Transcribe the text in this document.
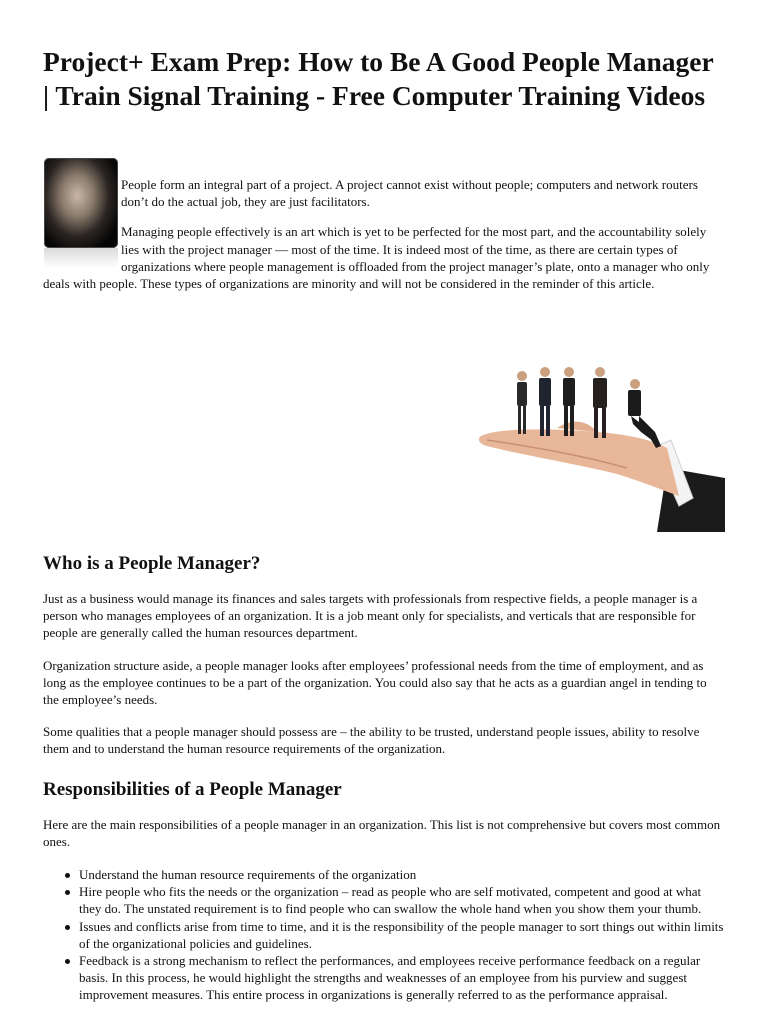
Project+ Exam Prep: How to Be A Good People Manager | Train Signal Training - Free Computer Training Videos

People form an integral part of a project. A project cannot exist without people; computers and network routers don’t do the actual job, they are just facilitators.

Managing people effectively is an art which is yet to be perfected for the most part, and the accountability solely lies with the project manager — most of the time. It is indeed most of the time, as there are certain types of organizations where people management is offloaded from the project manager’s plate, onto a manager who only deals with people. These types of organizations are minority and will not be considered in the reminder of this article.

Who is a People Manager?

Just as a business would manage its finances and sales targets with professionals from respective fields, a people manager is a person who manages employees of an organization. It is a job meant only for specialists, and verticals that are responsible for people are generally called the human resources department.

Organization structure aside, a people manager looks after employees’ professional needs from the time of employment, and as long as the employee continues to be a part of the organization. You could also say that he acts as a guardian angel in tending to the employee’s needs.

Some qualities that a people manager should possess are – the ability to be trusted, understand people issues, ability to resolve them and to understand the human resource requirements of the organization.

Responsibilities of a People Manager

Here are the main responsibilities of a people manager in an organization. This list is not comprehensive but covers most common ones.

Understand the human resource requirements of the organization
Hire people who fits the needs or the organization – read as people who are self motivated, competent and good at what they do. The unstated requirement is to find people who can swallow the whole hand when you show them your thumb.
Issues and conflicts arise from time to time, and it is the responsibility of the people manager to sort things out within limits of the organizational policies and guidelines.
Feedback is a strong mechanism to reflect the performances, and employees receive performance feedback on a regular basis. In this process, he would highlight the strengths and weaknesses of an employee from his purview and suggest improvement measures. This entire process in organizations is generally referred to as the performance appraisal.
